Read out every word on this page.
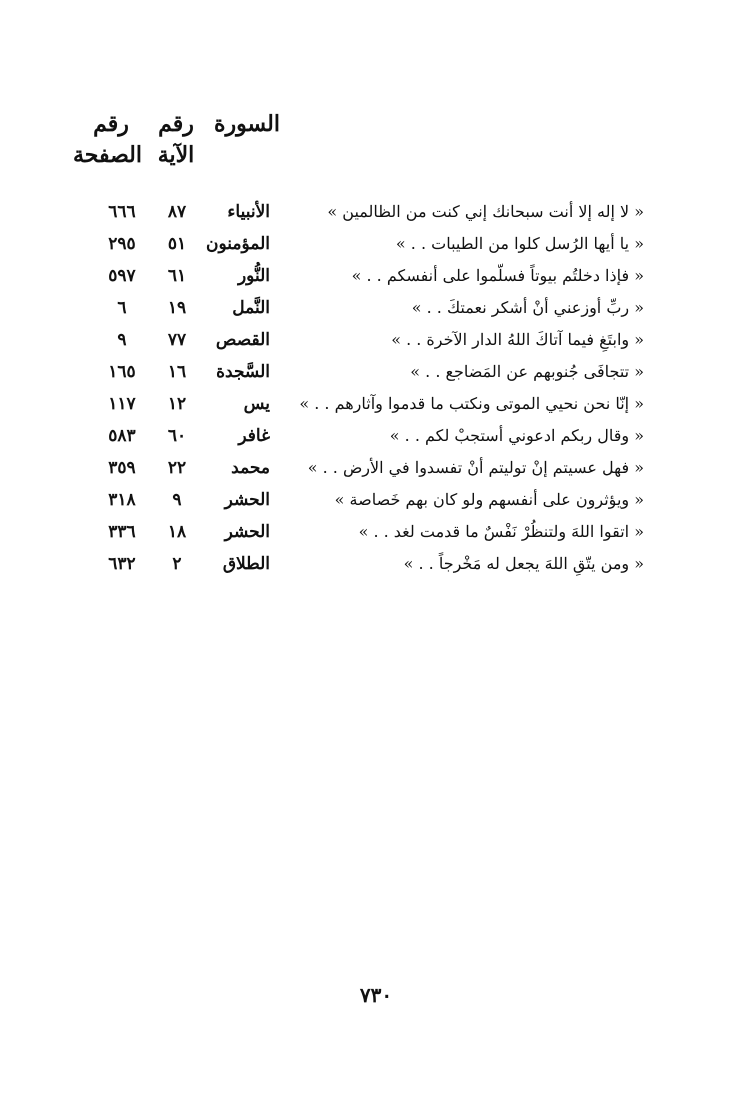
السورة
رقم
الآية
رقم
الصفحة
« لا إله إلا أنت سبحانك إني كنت من الظالمين »
الأنبياء
٨٧
٦٦٦
« يا أيها الرُسل كلوا من الطيبات . . »
المؤمنون
٥١
٢٩٥
« فإذا دخلتُم بيوتاً فسلّموا على أنفسكم . . »
النُّور
٦١
٥٩٧
« ربِّ أوزعني أنْ أشكر نعمتكَ . . »
النَّمل
١٩
٦
« وابتَغِ فيما آتاكَ اللهُ الدار الآخرة . . »
القصص
٧٧
٩
« تتجافَى جُنوبهم عن المَضاجع . . »
السَّجدة
١٦
١٦٥
« إنّا نحن نحيي الموتى ونكتب ما قدموا وآثارهم . . »
يس
١٢
١١٧
« وقال ربكم ادعوني أستجبْ لكم . . »
غافر
٦٠
٥٨٣
« فهل عسيتم إنْ توليتم أنْ تفسدوا في الأرض . . »
محمد
٢٢
٣٥٩
« ويؤثرون على أنفسهم ولو كان بهم خَصاصة »
الحشر
٩
٣١٨
« اتقوا اللهَ ولتنظُرْ نَفْسٌ ما قدمت لغد . . »
الحشر
١٨
٣٣٦
« ومن يتّقِ اللهَ يجعل له مَخْرجاً . . »
الطلاق
٢
٦٣٢
٧٣٠
